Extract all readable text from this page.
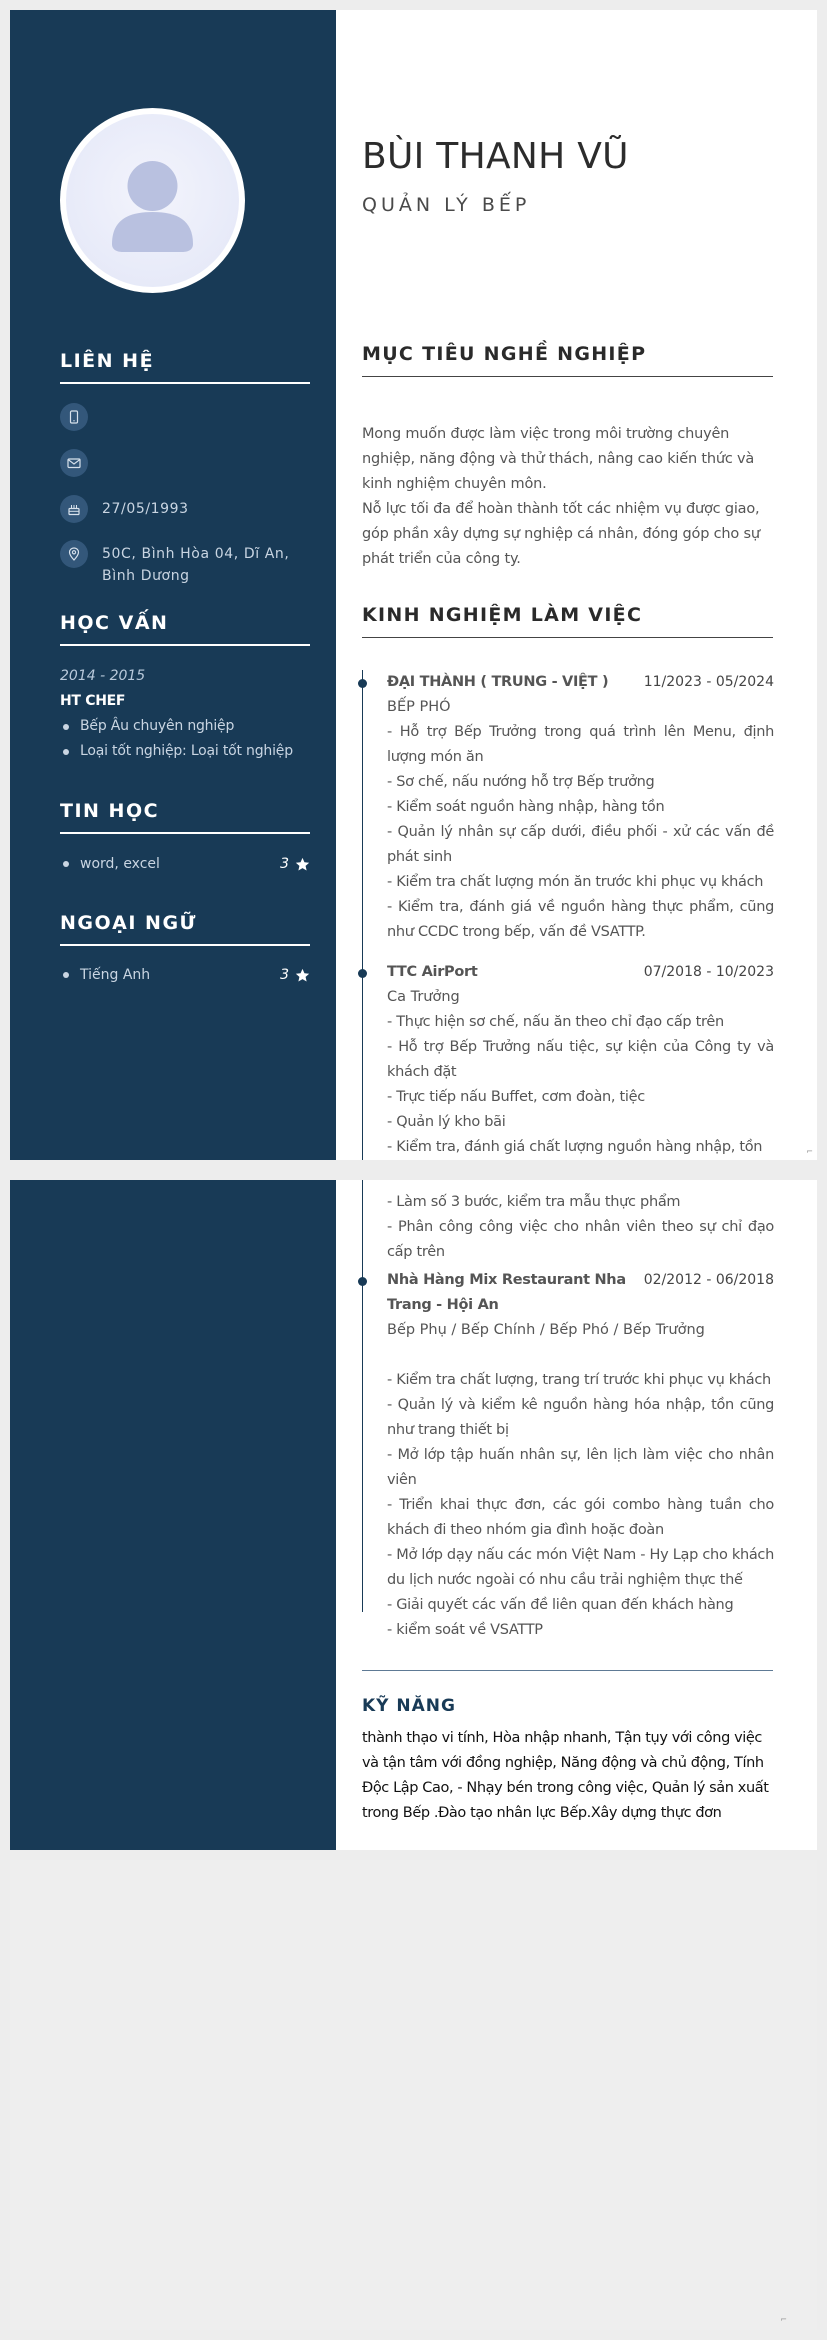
LIÊN HỆ
27/05/1993
50C, Bình Hòa 04, Dĩ An, Bình Dương
HỌC VẤN
2014 - 2015
HT CHEF
Bếp Âu chuyên nghiệp
Loại tốt nghiệp: Loại tốt nghiệp
TIN HỌC
word, excel	3
NGOẠI NGỮ
Tiếng Anh	3
BÙI THANH VŨ
QUẢN LÝ BẾP
MỤC TIÊU NGHỀ NGHIỆP
Mong muốn được làm việc trong môi trường chuyên nghiệp, năng động và thử thách, nâng cao kiến thức và kinh nghiệm chuyên môn.
Nỗ lực tối đa để hoàn thành tốt các nhiệm vụ được giao, góp phần xây dựng sự nghiệp cá nhân, đóng góp cho sự phát triển của công ty.
KINH NGHIỆM LÀM VIỆC
ĐẠI THÀNH ( TRUNG - VIỆT )	11/2023 - 05/2024
BẾP PHÓ
- Hỗ trợ Bếp Trưởng trong quá trình lên Menu, định lượng món ăn
- Sơ chế, nấu nướng hỗ trợ Bếp trưởng
- Kiểm soát nguồn hàng nhập, hàng tồn
- Quản lý nhân sự cấp dưới, điều phối - xử các vấn đề phát sinh
- Kiểm tra chất lượng món ăn trước khi phục vụ khách
- Kiểm tra, đánh giá về nguồn hàng thực phẩm, cũng như CCDC trong bếp, vấn đề VSATTP.
TTC AirPort	07/2018 - 10/2023
Ca Trưởng
- Thực hiện sơ chế, nấu ăn theo chỉ đạo cấp trên
- Hỗ trợ Bếp Trưởng nấu tiệc, sự kiện của Công ty và khách đặt
- Trực tiếp nấu Buffet, cơm đoàn, tiệc
- Quản lý kho bãi
- Kiểm tra, đánh giá chất lượng nguồn hàng nhập, tồn	⌐
- Làm số 3 bước, kiểm tra mẫu thực phẩm
- Phân công công việc cho nhân viên theo sự chỉ đạo cấp trên
Nhà Hàng Mix Restaurant Nha Trang - Hội An
02/2012 - 06/2018
Bếp Phụ / Bếp Chính / Bếp Phó / Bếp Trưởng
- Kiểm tra chất lượng, trang trí trước khi phục vụ khách
- Quản lý và kiểm kê nguồn hàng hóa nhập, tồn cũng như trang thiết bị
- Mở lớp tập huấn nhân sự, lên lịch làm việc cho nhân viên
- Triển khai thực đơn, các gói combo hàng tuần cho khách đi theo nhóm gia đình hoặc đoàn
- Mở lớp dạy nấu các món Việt Nam - Hy Lạp cho khách du lịch nước ngoài có nhu cầu trải nghiệm thực thế
- Giải quyết các vấn đề liên quan đến khách hàng
- kiểm soát về VSATTP
KỸ NĂNG
thành thạo vi tính, Hòa nhập nhanh, Tận tụy với công việc và tận tâm với đồng nghiệp, Năng động và chủ động, Tính Độc Lập Cao, - Nhạy bén trong công việc, Quản lý sản xuất trong Bếp .Đào tạo nhân lực Bếp.Xây dựng thực đơn
⌐
